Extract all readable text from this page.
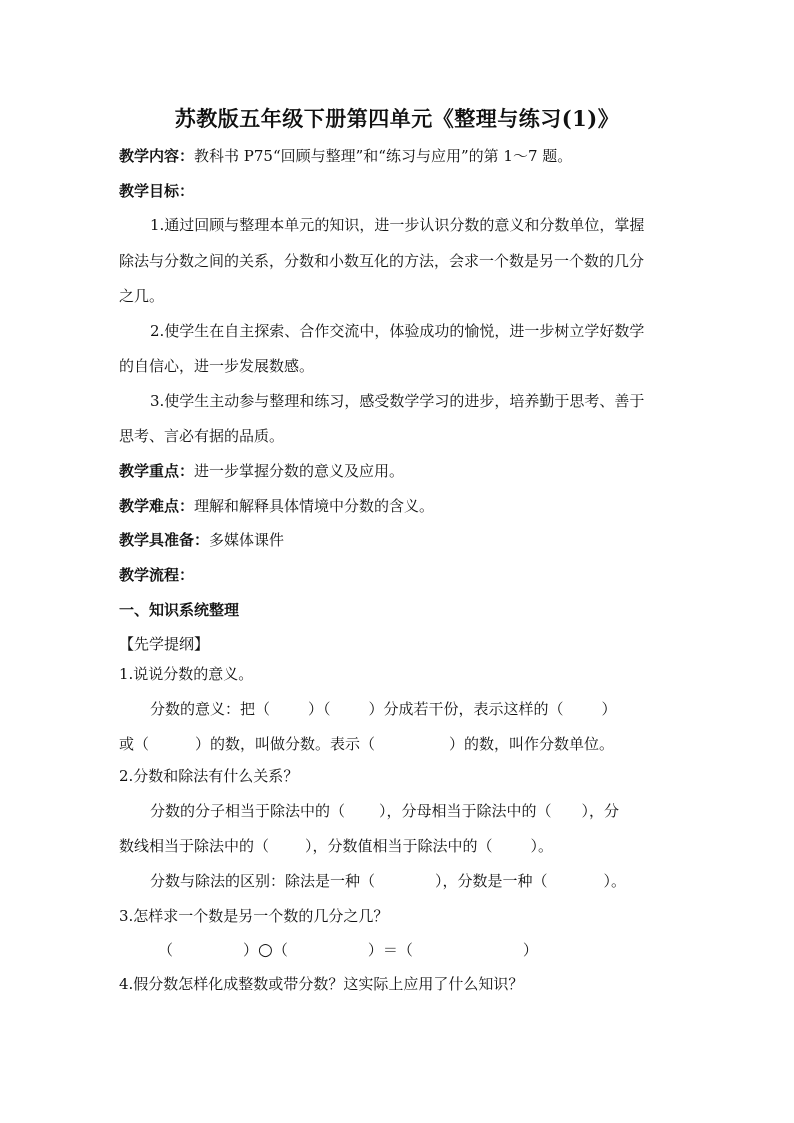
苏教版五年级下册第四单元《整理与练习(1)》
教学内容：教科书 P75“回顾与整理”和“练习与应用”的第 1～7 题。
教学目标：
1.通过回顾与整理本单元的知识，进一步认识分数的意义和分数单位，掌握
除法与分数之间的关系，分数和小数互化的方法，会求一个数是另一个数的几分
之几。
2.使学生在自主探索、合作交流中，体验成功的愉悦，进一步树立学好数学
的自信心，进一步发展数感。
3.使学生主动参与整理和练习，感受数学学习的进步，培养勤于思考、善于
思考、言必有据的品质。
教学重点：进一步掌握分数的意义及应用。
教学难点：理解和解释具体情境中分数的含义。
教学具准备：多媒体课件
教学流程：
一、知识系统整理
【先学提纲】
1.说说分数的意义。
分数的意义：把（	）（	）分成若干份，表示这样的（	）
或（	）的数，叫做分数。表示（	）的数，叫作分数单位。
2.分数和除法有什么关系？
分数的分子相当于除法中的（ ），分母相当于除法中的（ ），分
数线相当于除法中的（ ），分数值相当于除法中的（	）。
分数与除法的区别：除法是一种（	），分数是一种（	）。
3.怎样求一个数是另一个数的几分之几？
（	）○（	）＝（	）
4.假分数怎样化成整数或带分数？这实际上应用了什么知识？
